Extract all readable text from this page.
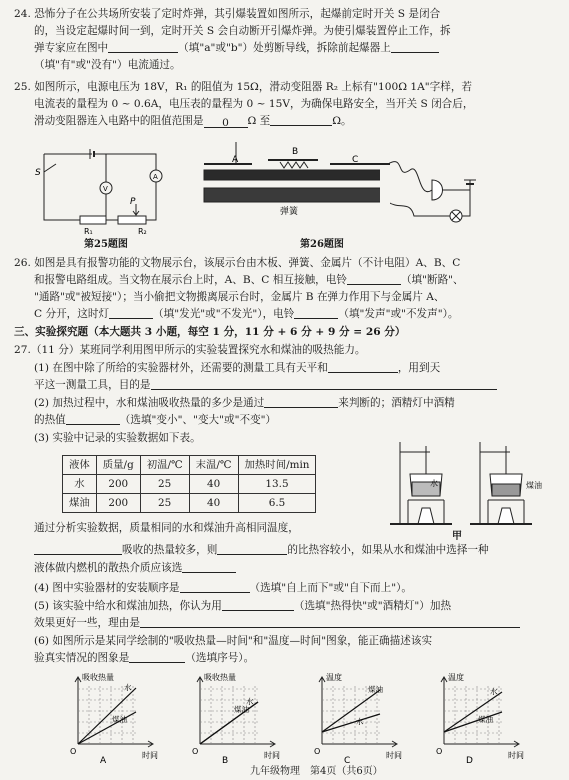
24. 恐怖分子在公共场所安装了定时炸弹，其引爆装置如图所示，起爆前定时开关 S 是闭合
的，当设定起爆时间一到，定时开关 S 会自动断开引爆炸弹。为使引爆装置停止工作，拆
弹专家应在图中	（填"a"或"b"）处剪断导线，拆除前起爆器上
（填"有"或"没有"）电流通过。
25. 如图所示，电源电压为 18V，R₁ 的阻值为 15Ω，滑动变阻器 R₂ 上标有"100Ω 1A"字样，若
电流表的量程为 0 ~ 0.6A，电压表的量程为 0 ~ 15V，为确保电路安全，当开关 S 闭合后，
滑动变阻器连入电路中的阻值范围是 0 Ω 至	Ω。
S
V
A
P
R₁	R₂
第25题图
A
B
C
弹簧
第26题图
26. 如图是具有报警功能的文物展示台，该展示台由木板、弹簧、金属片（不计电阻）A、B、C
和报警电路组成。当文物在展示台上时，A、B、C 相互接触，电铃	（填"断路"、
"通路"或"被短接"）；当小偷把文物搬离展示台时，金属片 B 在弹力作用下与金属片 A、
C 分开，这时灯	（填"发光"或"不发光"），电铃	（填"发声"或"不发声"）。
三、实验探究题（本大题共 3 小题，每空 1 分，11 分 + 6 分 + 9 分 = 26 分）
27.（11 分）某班同学利用图甲所示的实验装置探究水和煤油的吸热能力。
(1) 在图中除了所给的实验器材外，还需要的测量工具有天平和	，用到天
平这一测量工具，目的是
(2) 加热过程中，水和煤油吸收热量的多少是通过	来判断的；酒精灯中酒精
的热值	（选填"变小"、"变大"或"不变"）
(3) 实验中记录的实验数据如下表。
液体	质量/g	初温/℃	末温/℃	加热时间/min
水	200	25	40	13.5
煤油	200	25	40	6.5
水	煤油
甲
通过分析实验数据，质量相同的水和煤油升高相同温度，
吸收的热量较多，则	的比热容较小，如果从水和煤油中选择一种
液体做内燃机的散热介质应该选
(4) 图中实验器材的安装顺序是	（选填"自上而下"或"自下而上"）。
(5) 该实验中给水和煤油加热，你认为用	（选填"热得快"或"酒精灯"）加热
效果更好一些，理由是
(6) 如图所示是某同学绘制的"吸收热量—时间"和"温度—时间"图象，能正确描述该实
验真实情况的图象是	（选填序号）。
吸收热量
时间
O
水
煤油
A
吸收热量
时间
O
水
煤油
B
温度
时间
O
煤油
水
C
温度
时间
O
水
煤油
D
九年级物理　第4页（共6页）
